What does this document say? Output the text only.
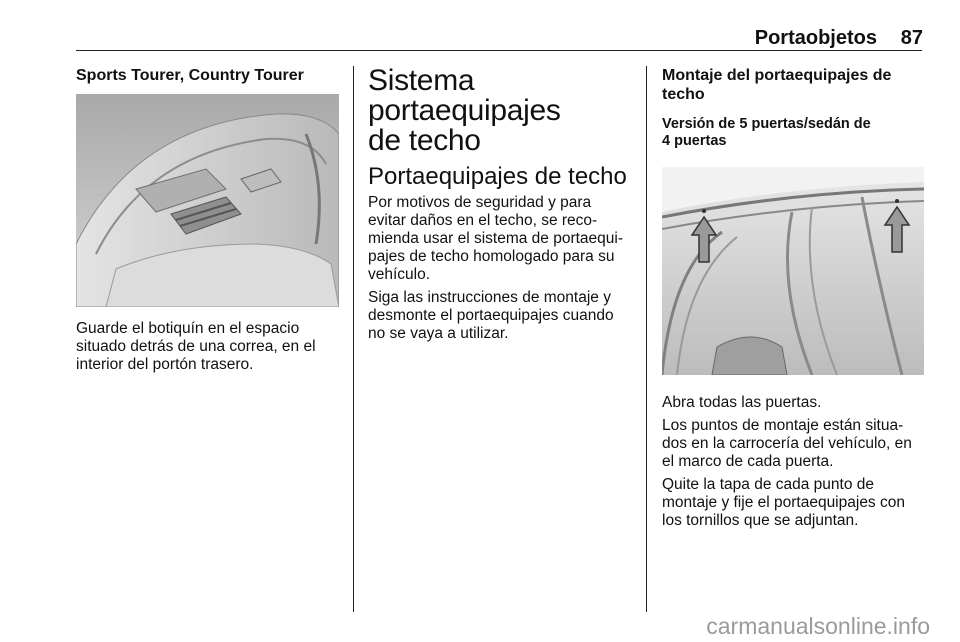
Portaobjetos 87

Sports Tourer, Country Tourer

Guarde el botiquín en el espacio

situado detrás de una correa, en el

interior del portón trasero.

Sistema portaequipajes

de techo

Portaequipajes de techo

Por motivos de seguridad y para

evitar daños en el techo, se reco-

mienda usar el sistema de portaequi-

pajes de techo homologado para su

vehículo.

Siga las instrucciones de montaje y

desmonte el portaequipajes cuando

no se vaya a utilizar.

Montaje del portaequipajes de

techo

Versión de 5 puertas/sedán de

4 puertas

Abra todas las puertas.

Los puntos de montaje están situa-

dos en la carrocería del vehículo, en

el marco de cada puerta.

Quite la tapa de cada punto de

montaje y fije el portaequipajes con

los tornillos que se adjuntan.

carmanualsonline.info
